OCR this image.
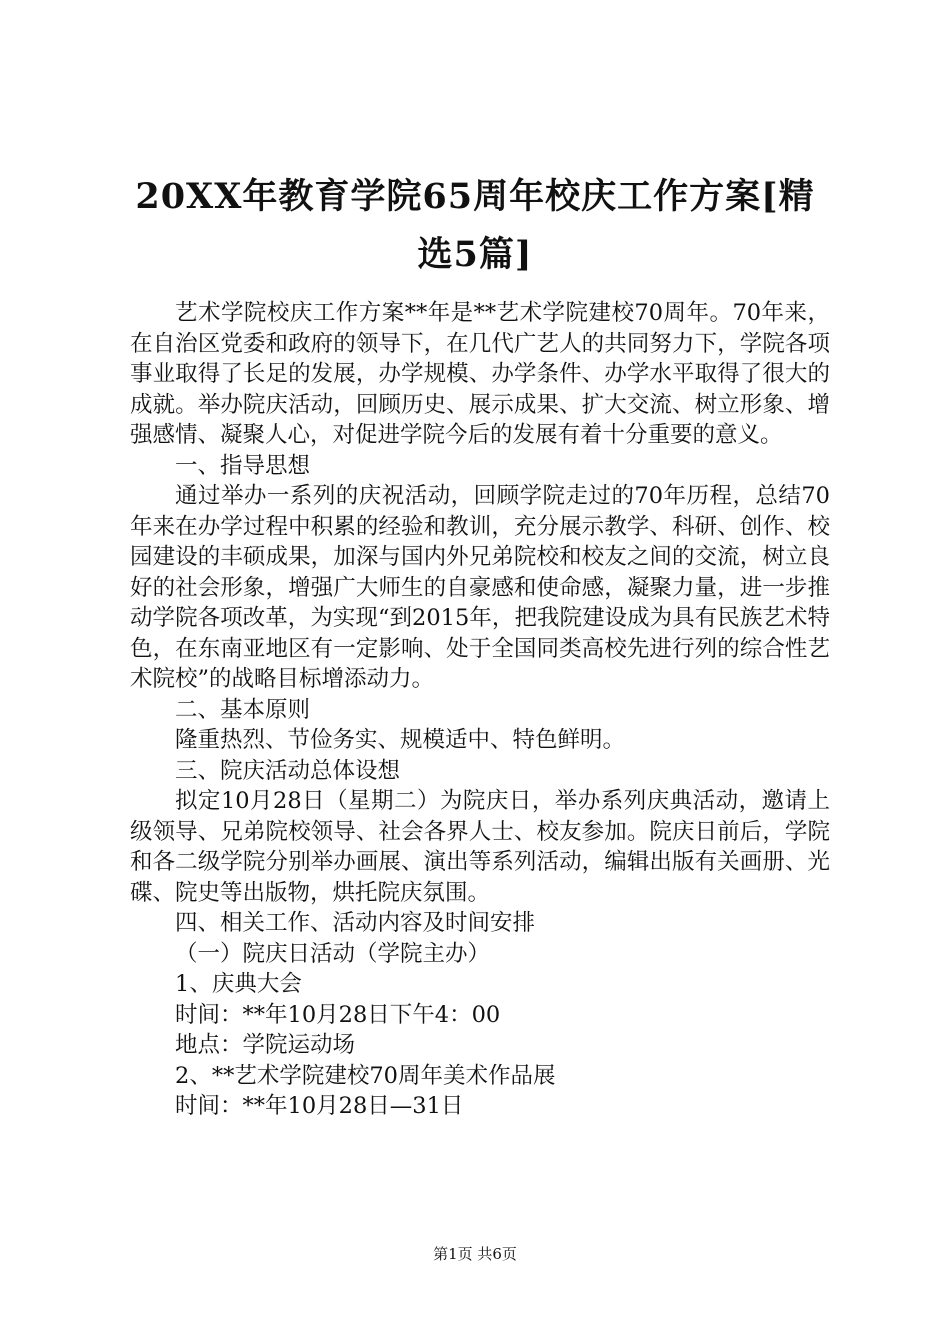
20XX年教育学院65周年校庆工作方案[精选5篇]

艺术学院校庆工作方案**年是**艺术学院建校70周年。70年来，在自治区党委和政府的领导下，在几代广艺人的共同努力下，学院各项事业取得了长足的发展，办学规模、办学条件、办学水平取得了很大的成就。举办院庆活动，回顾历史、展示成果、扩大交流、树立形象、增强感情、凝聚人心，对促进学院今后的发展有着十分重要的意义。

一、指导思想

通过举办一系列的庆祝活动，回顾学院走过的70年历程，总结70年来在办学过程中积累的经验和教训，充分展示教学、科研、创作、校园建设的丰硕成果，加深与国内外兄弟院校和校友之间的交流，树立良好的社会形象，增强广大师生的自豪感和使命感，凝聚力量，进一步推动学院各项改革，为实现“到2015年，把我院建设成为具有民族艺术特色，在东南亚地区有一定影响、处于全国同类高校先进行列的综合性艺术院校”的战略目标增添动力。

二、基本原则

隆重热烈、节俭务实、规模适中、特色鲜明。

三、院庆活动总体设想

拟定10月28日（星期二）为院庆日，举办系列庆典活动，邀请上级领导、兄弟院校领导、社会各界人士、校友参加。院庆日前后，学院和各二级学院分别举办画展、演出等系列活动，编辑出版有关画册、光碟、院史等出版物，烘托院庆氛围。

四、相关工作、活动内容及时间安排

（一）院庆日活动（学院主办）

1、庆典大会

时间：**年10月28日下午4：00

地点：学院运动场

2、**艺术学院建校70周年美术作品展

时间：**年10月28日—31日

第1页 共6页
